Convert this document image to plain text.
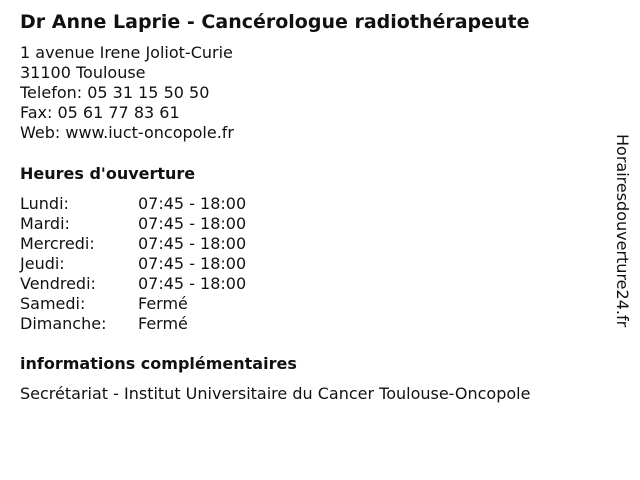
Dr Anne Laprie - Cancérologue radiothérapeute
1 avenue Irene Joliot-Curie
31100 Toulouse
Telefon: 05 31 15 50 50
Fax: 05 61 77 83 61
Web: www.iuct-oncopole.fr
Heures d'ouverture
Lundi:	07:45 - 18:00
Mardi:	07:45 - 18:00
Mercredi:	07:45 - 18:00
Jeudi:	07:45 - 18:00
Vendredi:	07:45 - 18:00
Samedi:	Fermé
Dimanche: Fermé
informations complémentaires
Secrétariat - Institut Universitaire du Cancer Toulouse-Oncopole
Horairesdouverture24.fr
